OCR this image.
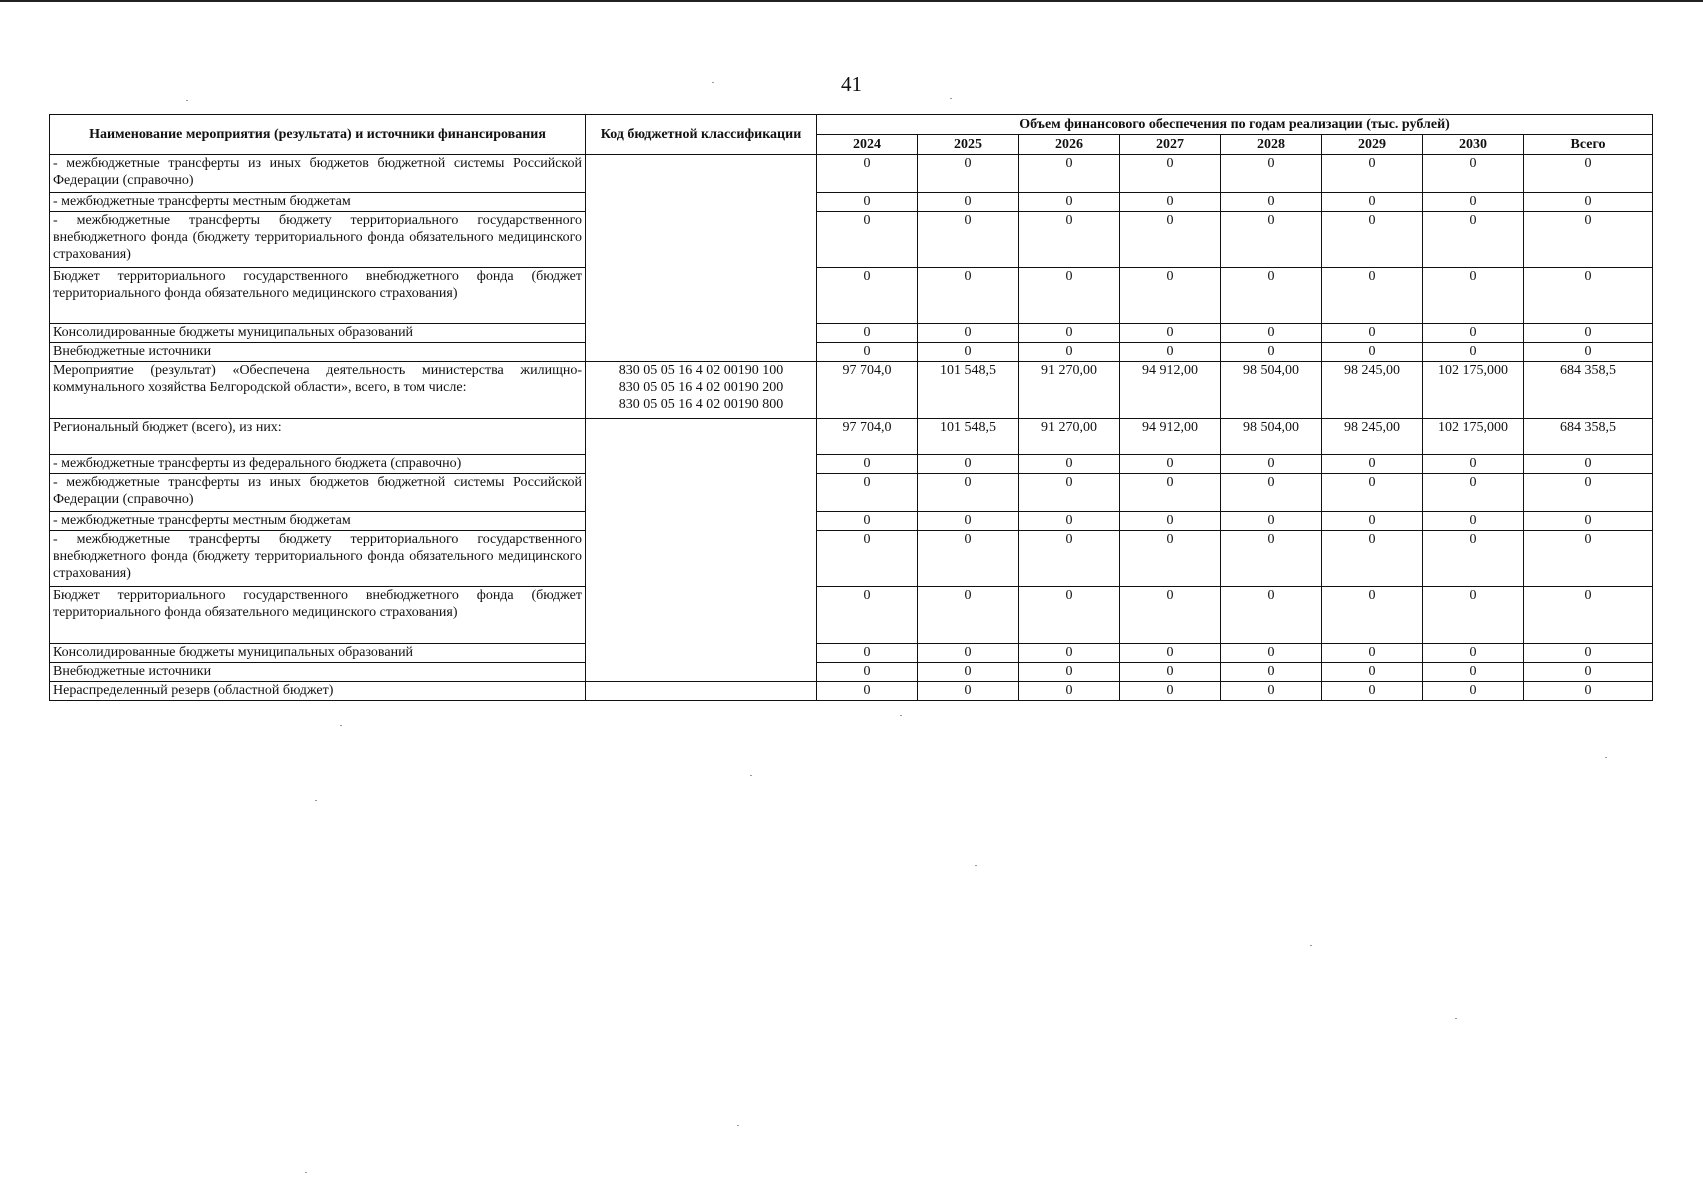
41
Наименование мероприятия (результата) и источники финансирования	Код бюджетной классификации	Объем финансового обеспечения по годам реализации (тыс. рублей)							
		2024	2025	2026	2027	2028	2029	2030	Всего
- межбюджетные трансферты из иных бюджетов бюджетной системы Российской Федерации (справочно)		0	0	0	0	0	0	0	0
- межбюджетные трансферты местным бюджетам		0	0	0	0	0	0	0	0
- межбюджетные трансферты бюджету территориального государственного внебюджетного фонда (бюджету территориального фонда обязательного медицинского страхования)		0	0	0	0	0	0	0	0
Бюджет территориального государственного внебюджетного фонда (бюджет территориального фонда обязательного медицинского страхования)		0	0	0	0	0	0	0	0
Консолидированные бюджеты муниципальных образований		0	0	0	0	0	0	0	0
Внебюджетные источники		0	0	0	0	0	0	0	0
Мероприятие (результат) «Обеспечена деятельность министерства жилищно-коммунального хозяйства Белгородской области», всего, в том числе:	830 05 05 16 4 02 00190 100
830 05 05 16 4 02 00190 200
830 05 05 16 4 02 00190 800	97 704,0	101 548,5	91 270,00	94 912,00	98 504,00	98 245,00	102 175,000	684 358,5
Региональный бюджет (всего), из них:		97 704,0	101 548,5	91 270,00	94 912,00	98 504,00	98 245,00	102 175,000	684 358,5
- межбюджетные трансферты из федерального бюджета (справочно)		0	0	0	0	0	0	0	0
- межбюджетные трансферты из иных бюджетов бюджетной системы Российской Федерации (справочно)		0	0	0	0	0	0	0	0
- межбюджетные трансферты местным бюджетам		0	0	0	0	0	0	0	0
- межбюджетные трансферты бюджету территориального государственного внебюджетного фонда (бюджету территориального фонда обязательного медицинского страхования)		0	0	0	0	0	0	0	0
Бюджет территориального государственного внебюджетного фонда (бюджет территориального фонда обязательного медицинского страхования)		0	0	0	0	0	0	0	0
Консолидированные бюджеты муниципальных образований		0	0	0	0	0	0	0	0
Внебюджетные источники		0	0	0	0	0	0	0	0
Нераспределенный резерв (областной бюджет)		0	0	0	0	0	0	0	0
